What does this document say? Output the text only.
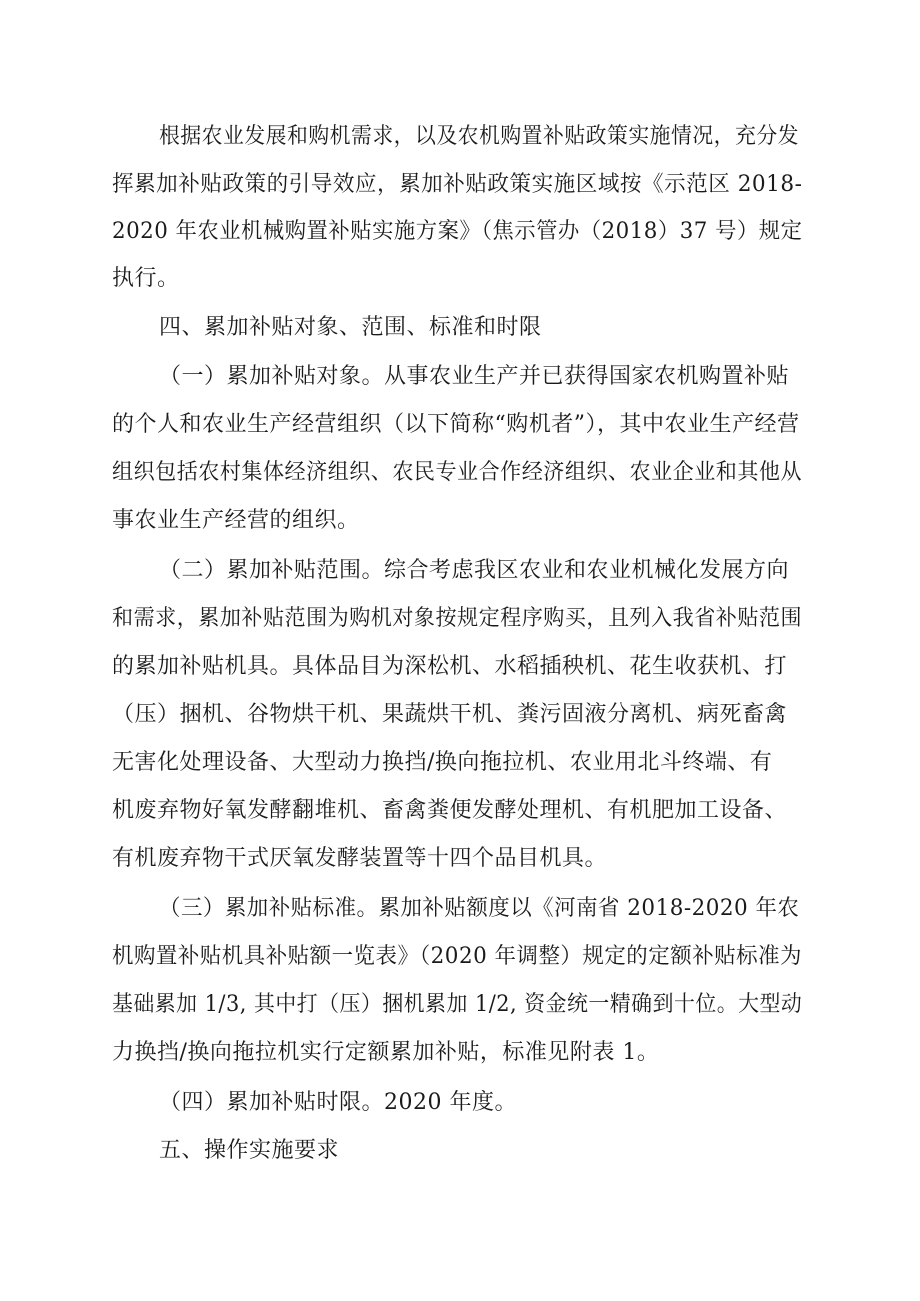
根据农业发展和购机需求，以及农机购置补贴政策实施情况，充分发

挥累加补贴政策的引导效应，累加补贴政策实施区域按《示范区 2018-

2020 年农业机械购置补贴实施方案》（焦示管办（2018）37 号）规定

执行。

四、累加补贴对象、范围、标准和时限

（一）累加补贴对象。从事农业生产并已获得国家农机购置补贴

的个人和农业生产经营组织（以下简称“购机者”），其中农业生产经营

组织包括农村集体经济组织、农民专业合作经济组织、农业企业和其他从

事农业生产经营的组织。

（二）累加补贴范围。综合考虑我区农业和农业机械化发展方向

和需求，累加补贴范围为购机对象按规定程序购买，且列入我省补贴范围

的累加补贴机具。具体品目为深松机、水稻插秧机、花生收获机、打

（压）捆机、谷物烘干机、果蔬烘干机、粪污固液分离机、病死畜禽

无害化处理设备、大型动力换挡/换向拖拉机、农业用北斗终端、有

机废弃物好氧发酵翻堆机、畜禽粪便发酵处理机、有机肥加工设备、

有机废弃物干式厌氧发酵装置等十四个品目机具。

（三）累加补贴标准。累加补贴额度以《河南省 2018-2020 年农

机购置补贴机具补贴额一览表》（2020 年调整）规定的定额补贴标准为

基础累加 1/3, 其中打（压）捆机累加 1/2, 资金统一精确到十位。大型动

力换挡/换向拖拉机实行定额累加补贴，标准见附表 1。

（四）累加补贴时限。2020 年度。

五、操作实施要求
